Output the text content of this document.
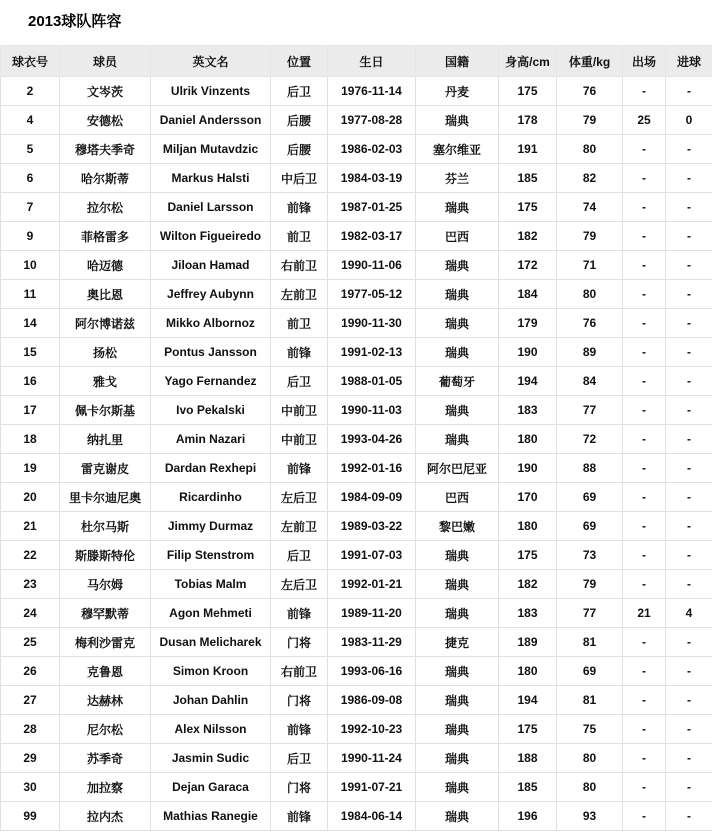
2013球队阵容
球衣号	球员	英文名	位置	生日	国籍	身高/cm	体重/kg	出场	进球
2	文岑茨	Ulrik Vinzents	后卫	1976-11-14	丹麦	175	76	-	-
4	安德松	Daniel Andersson	后腰	1977-08-28	瑞典	178	79	25	0
5	穆塔夫季奇	Miljan Mutavdzic	后腰	1986-02-03	塞尔维亚	191	80	-	-
6	哈尔斯蒂	Markus Halsti	中后卫	1984-03-19	芬兰	185	82	-	-
7	拉尔松	Daniel Larsson	前锋	1987-01-25	瑞典	175	74	-	-
9	菲格雷多	Wilton Figueiredo	前卫	1982-03-17	巴西	182	79	-	-
10	哈迈德	Jiloan Hamad	右前卫	1990-11-06	瑞典	172	71	-	-
11	奥比恩	Jeffrey Aubynn	左前卫	1977-05-12	瑞典	184	80	-	-
14	阿尔博诺兹	Mikko Albornoz	前卫	1990-11-30	瑞典	179	76	-	-
15	扬松	Pontus Jansson	前锋	1991-02-13	瑞典	190	89	-	-
16	雅戈	Yago Fernandez	后卫	1988-01-05	葡萄牙	194	84	-	-
17	佩卡尔斯基	Ivo Pekalski	中前卫	1990-11-03	瑞典	183	77	-	-
18	纳扎里	Amin Nazari	中前卫	1993-04-26	瑞典	180	72	-	-
19	雷克谢皮	Dardan Rexhepi	前锋	1992-01-16	阿尔巴尼亚	190	88	-	-
20	里卡尔迪尼奥	Ricardinho	左后卫	1984-09-09	巴西	170	69	-	-
21	杜尔马斯	Jimmy Durmaz	左前卫	1989-03-22	黎巴嫩	180	69	-	-
22	斯滕斯特伦	Filip Stenstrom	后卫	1991-07-03	瑞典	175	73	-	-
23	马尔姆	Tobias Malm	左后卫	1992-01-21	瑞典	182	79	-	-
24	穆罕默蒂	Agon Mehmeti	前锋	1989-11-20	瑞典	183	77	21	4
25	梅利沙雷克	Dusan Melicharek	门将	1983-11-29	捷克	189	81	-	-
26	克鲁恩	Simon Kroon	右前卫	1993-06-16	瑞典	180	69	-	-
27	达赫林	Johan Dahlin	门将	1986-09-08	瑞典	194	81	-	-
28	尼尔松	Alex Nilsson	前锋	1992-10-23	瑞典	175	75	-	-
29	苏季奇	Jasmin Sudic	后卫	1990-11-24	瑞典	188	80	-	-
30	加拉察	Dejan Garaca	门将	1991-07-21	瑞典	185	80	-	-
99	拉内杰	Mathias Ranegie	前锋	1984-06-14	瑞典	196	93	-	-
